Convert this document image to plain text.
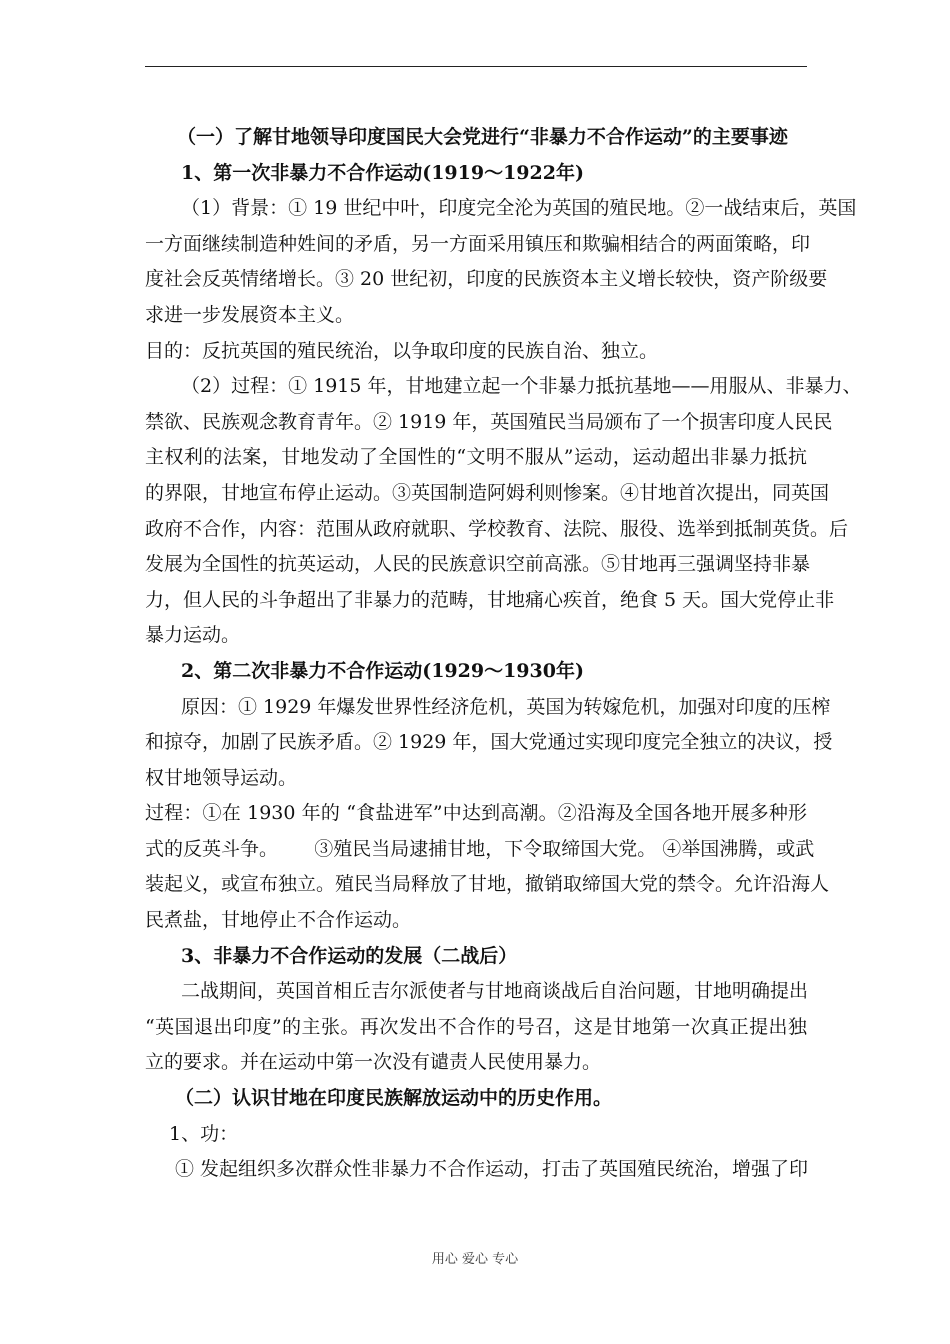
（一）了解甘地领导印度国民大会党进行“非暴力不合作运动”的主要事迹
1、第一次非暴力不合作运动(1919～1922年)
（1）背景：① 19 世纪中叶，印度完全沦为英国的殖民地。②一战结束后，英国
一方面继续制造种姓间的矛盾，另一方面采用镇压和欺骗相结合的两面策略，印
度社会反英情绪增长。③ 20 世纪初，印度的民族资本主义增长较快，资产阶级要
求进一步发展资本主义。
目的：反抗英国的殖民统治，以争取印度的民族自治、独立。
（2）过程：① 1915 年，甘地建立起一个非暴力抵抗基地——用服从、非暴力、
禁欲、民族观念教育青年。② 1919 年，英国殖民当局颁布了一个损害印度人民民
主权利的法案，甘地发动了全国性的“文明不服从”运动，运动超出非暴力抵抗
的界限，甘地宣布停止运动。③英国制造阿姆利则惨案。④甘地首次提出，同英国
政府不合作，内容：范围从政府就职、学校教育、法院、服役、选举到抵制英货。后
发展为全国性的抗英运动，人民的民族意识空前高涨。⑤甘地再三强调坚持非暴
力，但人民的斗争超出了非暴力的范畴，甘地痛心疾首，绝食 5 天。国大党停止非
暴力运动。
2、第二次非暴力不合作运动(1929～1930年)
原因：① 1929 年爆发世界性经济危机，英国为转嫁危机，加强对印度的压榨
和掠夺，加剧了民族矛盾。② 1929 年，国大党通过实现印度完全独立的决议，授
权甘地领导运动。
过程：①在 1930 年的 “食盐进军”中达到高潮。②沿海及全国各地开展多种形
式的反英斗争。      ③殖民当局逮捕甘地，下令取缔国大党。 ④举国沸腾，或武
装起义，或宣布独立。殖民当局释放了甘地，撤销取缔国大党的禁令。允许沿海人
民煮盐，甘地停止不合作运动。
3、非暴力不合作运动的发展（二战后）
二战期间，英国首相丘吉尔派使者与甘地商谈战后自治问题，甘地明确提出
“英国退出印度”的主张。再次发出不合作的号召，这是甘地第一次真正提出独
立的要求。并在运动中第一次没有谴责人民使用暴力。
（二）认识甘地在印度民族解放运动中的历史作用。
1、功：
① 发起组织多次群众性非暴力不合作运动，打击了英国殖民统治，增强了印
用心 爱心 专心
